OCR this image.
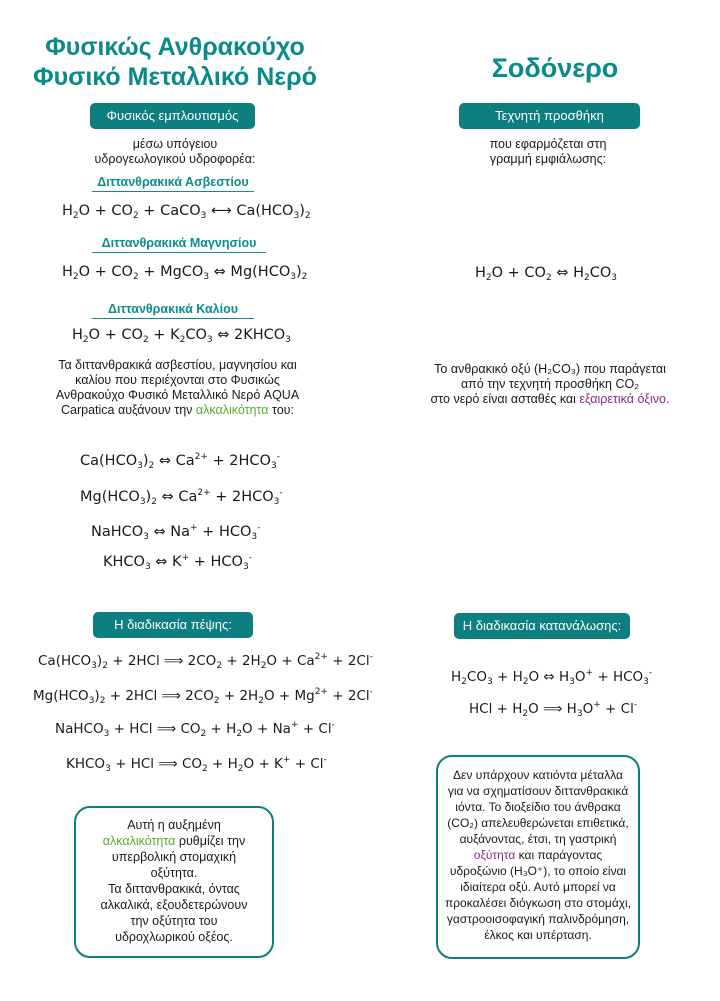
Φυσικώς Ανθρακούχο
Φυσικό Μεταλλικό Νερό
Φυσικός εμπλουτισμός
μέσω υπόγειου
υδρογεωλογικού υδροφορέα:
Διττανθρακικά Ασβεστίου
$H_2O + CO_2$ + CaCO$_3$ ⟷ $Ca(HCO_3)_2$
Διττανθρακικά Μαγνησίου
$H_2O + CO_2$ + MgCO$_3$ ⇔ $Mg(HCO_3)_2$
Διττανθρακικά Καλίου
$H_2O + CO_2 + K_2CO_3$ ⇔ $2KHCO_3$
Τα διττανθρακικά ασβεστίου, μαγνησίου και
καλίου που περιέχονται στο Φυσικώς
Ανθρακούχο Φυσικό Μεταλλικό Νερό AQUA
Carpatica αυξάνουν την αλκαλικότητα του:
$Ca(HCO_3)_2$ ⇔ $Ca^{2+} + 2HCO_3^-$
$Mg(HCO_3)_2$ ⇔ $Ca^{2+} + 2HCO_3^-$
NaHCO$_3$ ⇔ $Na^+ + HCO_3^-$
$KHCO_3$ ⇔ $K^+ + HCO_3^-$
Η διαδικασία πέψης:
$Ca(HCO_3)_2 + 2HCl$ ⟹ $2CO_2 + 2H_2O + Ca^{2+} + 2Cl^-$
$Mg(HCO_3)_2 + 2HCl$ ⟹ $2CO_2 + 2H_2O + Mg^{2+} + 2Cl^-$
NaHCO$_3$ + HCl ⟹ $CO_2 + H_2O + Na^+ + Cl^-$
$KHCO_3$ + HCl ⟹ $CO_2 + H_2O + K^+ + Cl^-$
Αυτή η αυξημένη
αλκαλικότητα ρυθμίζει την
υπερβολική στομαχική
οξύτητα.
Τα διττανθρακικά, όντας
αλκαλικά, εξουδετερώνουν
την οξύτητα του
υδροχλωρικού οξέος.
Σοδόνερο
Τεχνητή προσθήκη
που εφαρμόζεται στη
γραμμή εμφιάλωσης:
$H_2O + CO_2$ ⇔ $H_2CO_3$
Το ανθρακικό οξύ (H₂CO₃) που παράγεται
από την τεχνητή προσθήκη CO₂
στο νερό είναι ασταθές και εξαιρετικά όξινο.
Η διαδικασία κατανάλωσης:
$H_2CO_3 + H_2O$ ⇔ $H_3O^+ + HCO_3^-$
HCl + $H_2O$ ⟹ $H_3O^+ + Cl^-$
Δεν υπάρχουν κατιόντα μέταλλα
για να σχηματίσουν διττανθρακικά
ιόντα. Το διοξείδιο του άνθρακα
(CO₂) απελευθερώνεται επιθετικά,
αυξάνοντας, έτσι, τη γαστρική
οξύτητα και παράγοντας
υδροξώνιο (H₃O⁺), το οποίο είναι
ιδιαίτερα οξύ. Αυτό μπορεί να
προκαλέσει διόγκωση στο στομάχι,
γαστροοισοφαγική παλινδρόμηση,
έλκος και υπέρταση.
